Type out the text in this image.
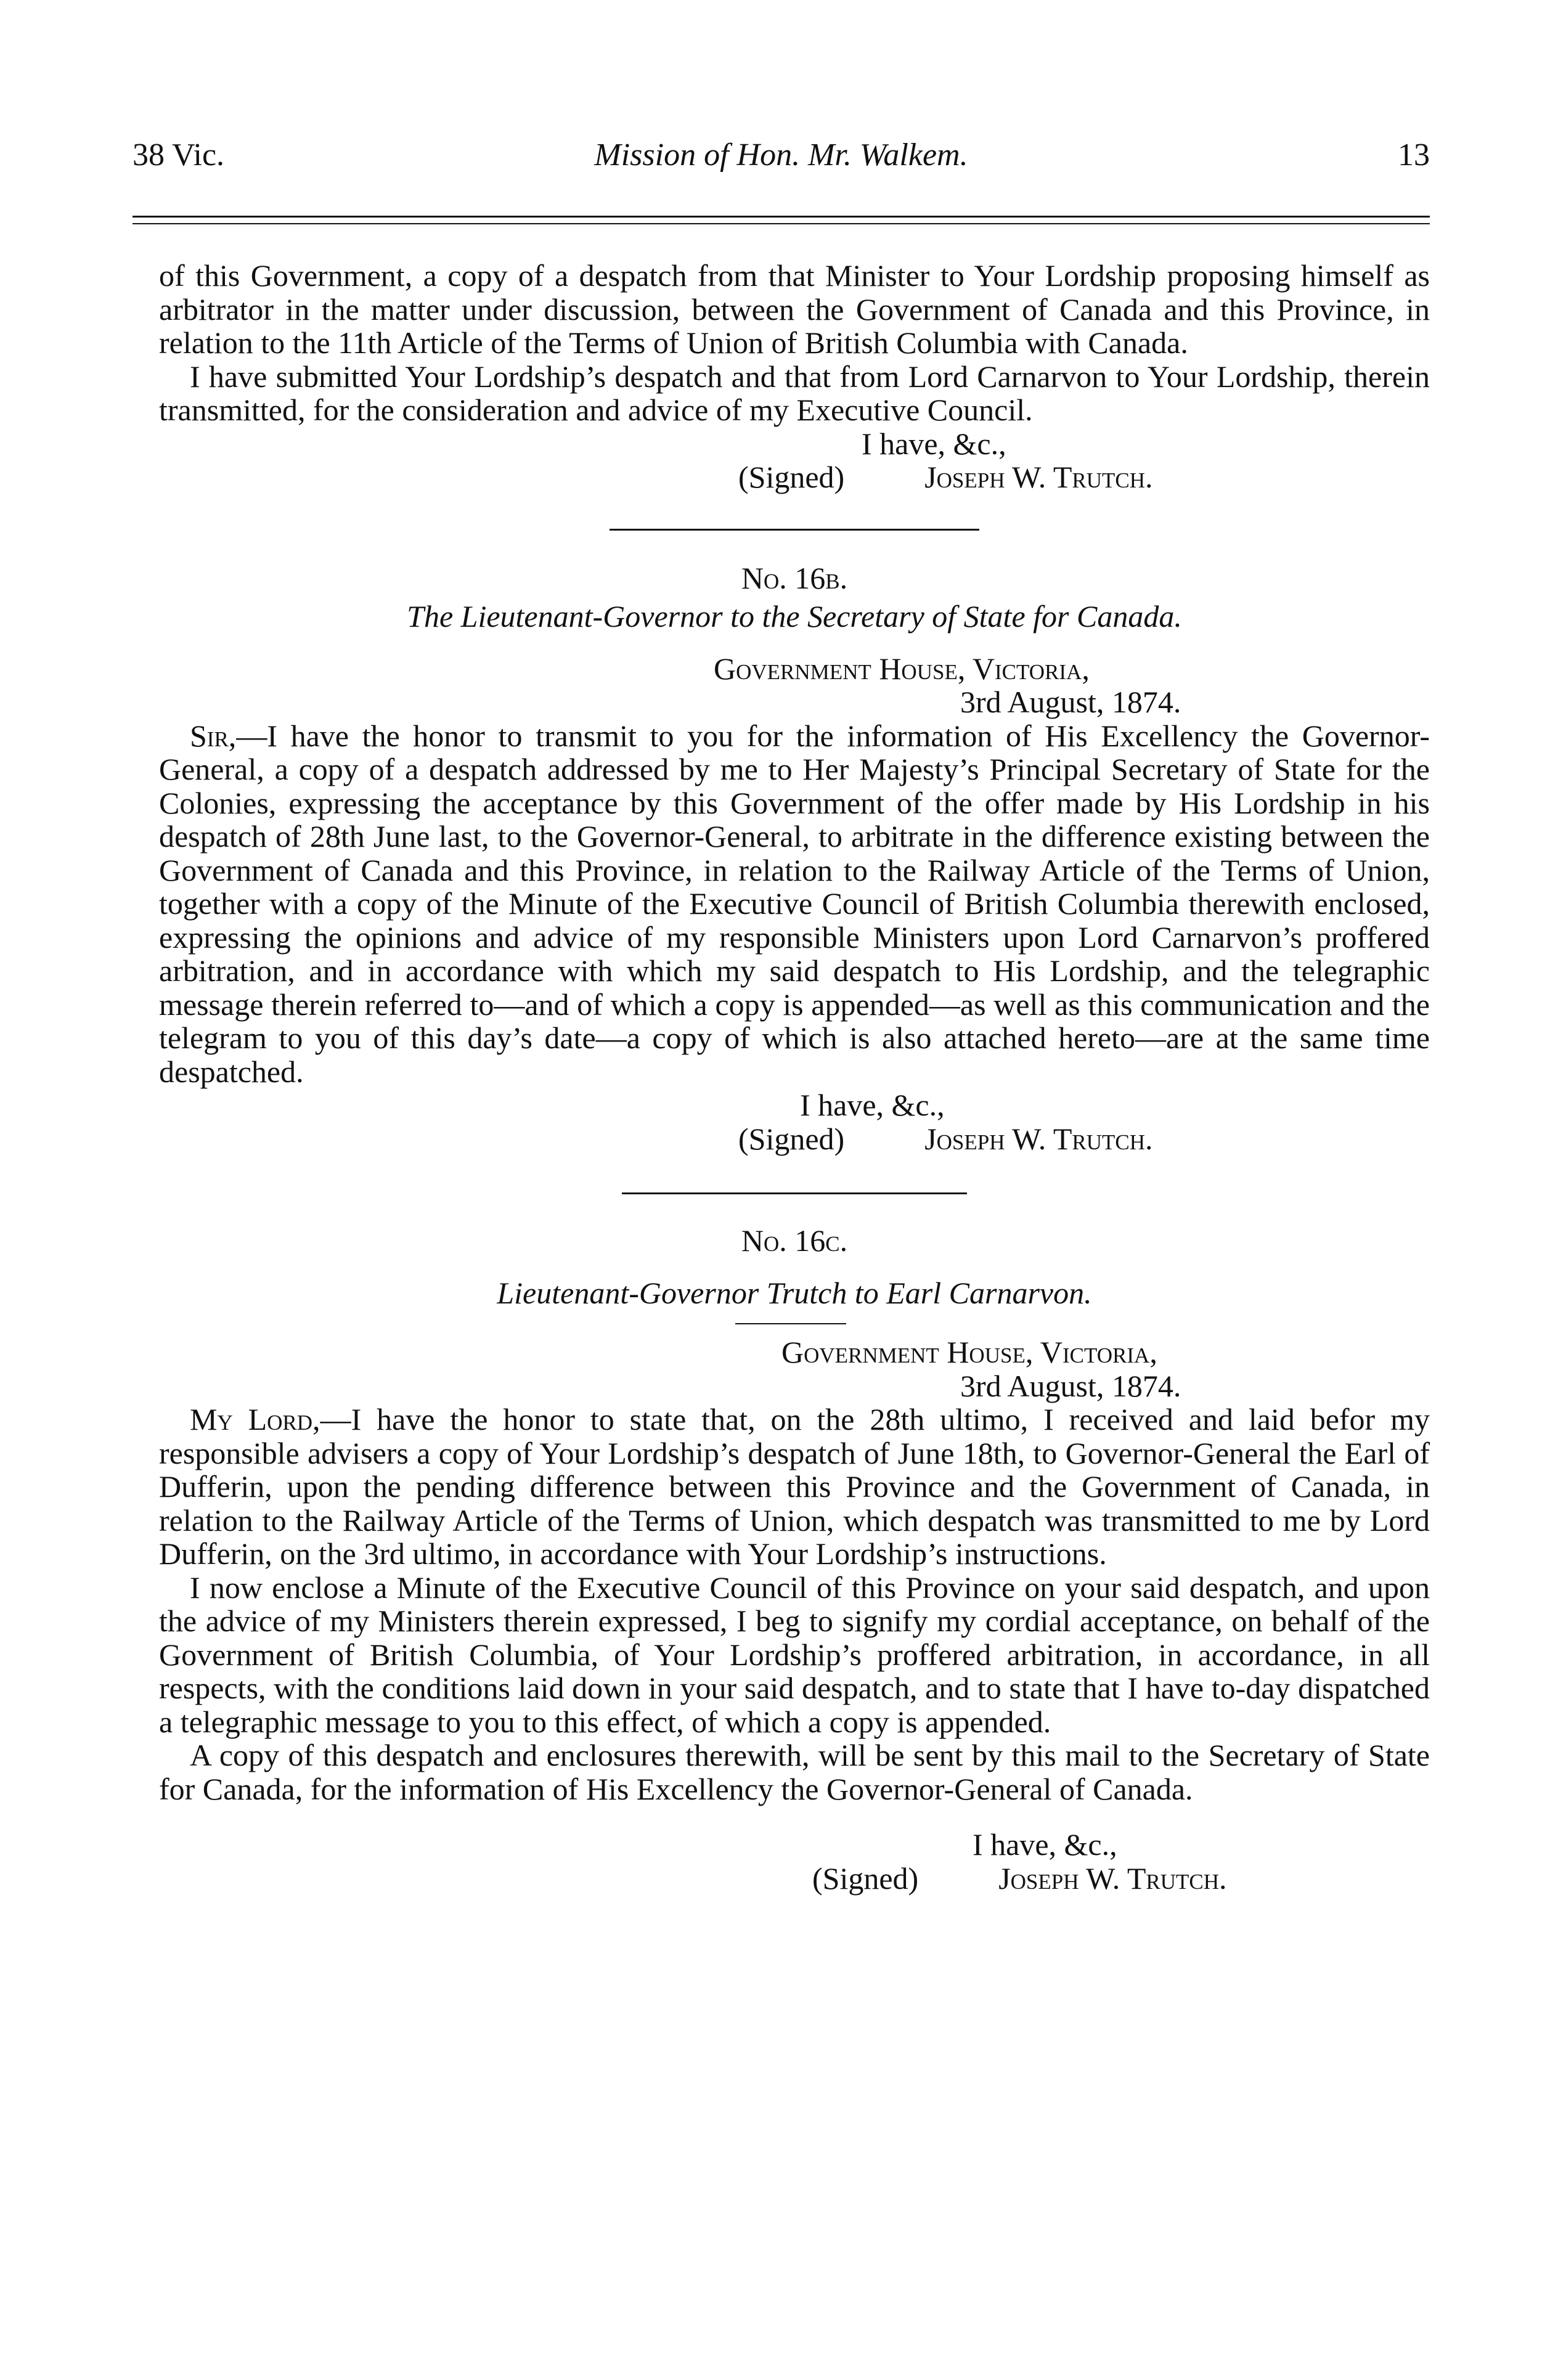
38 Vic.	Mission of Hon. Mr. Walkem.	13

of this Government, a copy of a despatch from that Minister to Your Lordship proposing himself as arbitrator in the matter under discussion, between the Government of Canada and this Province, in relation to the 11th Article of the Terms of Union of British Columbia with Canada.

I have submitted Your Lordship’s despatch and that from Lord Carnarvon to Your Lordship, therein transmitted, for the consideration and advice of my Executive Council.

I have, &c.,
(Signed)	Joseph W. Trutch.
No. 16b.
The Lieutenant-Governor to the Secretary of State for Canada.
Government House, Victoria,
3rd August, 1874.

Sir,—I have the honor to transmit to you for the information of His Excellency the Governor-General, a copy of a despatch addressed by me to Her Majesty’s Principal Secretary of State for the Colonies, expressing the acceptance by this Government of the offer made by His Lordship in his despatch of 28th June last, to the Governor-General, to arbitrate in the difference existing between the Government of Canada and this Province, in relation to the Railway Article of the Terms of Union, together with a copy of the Minute of the Executive Council of British Columbia therewith enclosed, expressing the opinions and advice of my responsible Ministers upon Lord Carnarvon’s proffered arbitration, and in accordance with which my said despatch to His Lordship, and the telegraphic message therein referred to—and of which a copy is appended—as well as this communication and the telegram to you of this day’s date—a copy of which is also attached hereto—are at the same time despatched.

I have, &c.,
(Signed)	Joseph W. Trutch.
No. 16c.
Lieutenant-Governor Trutch to Earl Carnarvon.
Government House, Victoria,
3rd August, 1874.

My Lord,—I have the honor to state that, on the 28th ultimo, I received and laid befor my responsible advisers a copy of Your Lordship’s despatch of June 18th, to Governor-General the Earl of Dufferin, upon the pending difference between this Province and the Government of Canada, in relation to the Railway Article of the Terms of Union, which despatch was transmitted to me by Lord Dufferin, on the 3rd ultimo, in accordance with Your Lordship’s instructions.

I now enclose a Minute of the Executive Council of this Province on your said despatch, and upon the advice of my Ministers therein expressed, I beg to signify my cordial acceptance, on behalf of the Government of British Columbia, of Your Lordship’s proffered arbitration, in accordance, in all respects, with the conditions laid down in your said despatch, and to state that I have to-day dispatched a telegraphic message to you to this effect, of which a copy is appended.

A copy of this despatch and enclosures therewith, will be sent by this mail to the Secretary of State for Canada, for the information of His Excellency the Governor-General of Canada.

I have, &c.,
(Signed)	Joseph W. Trutch.
